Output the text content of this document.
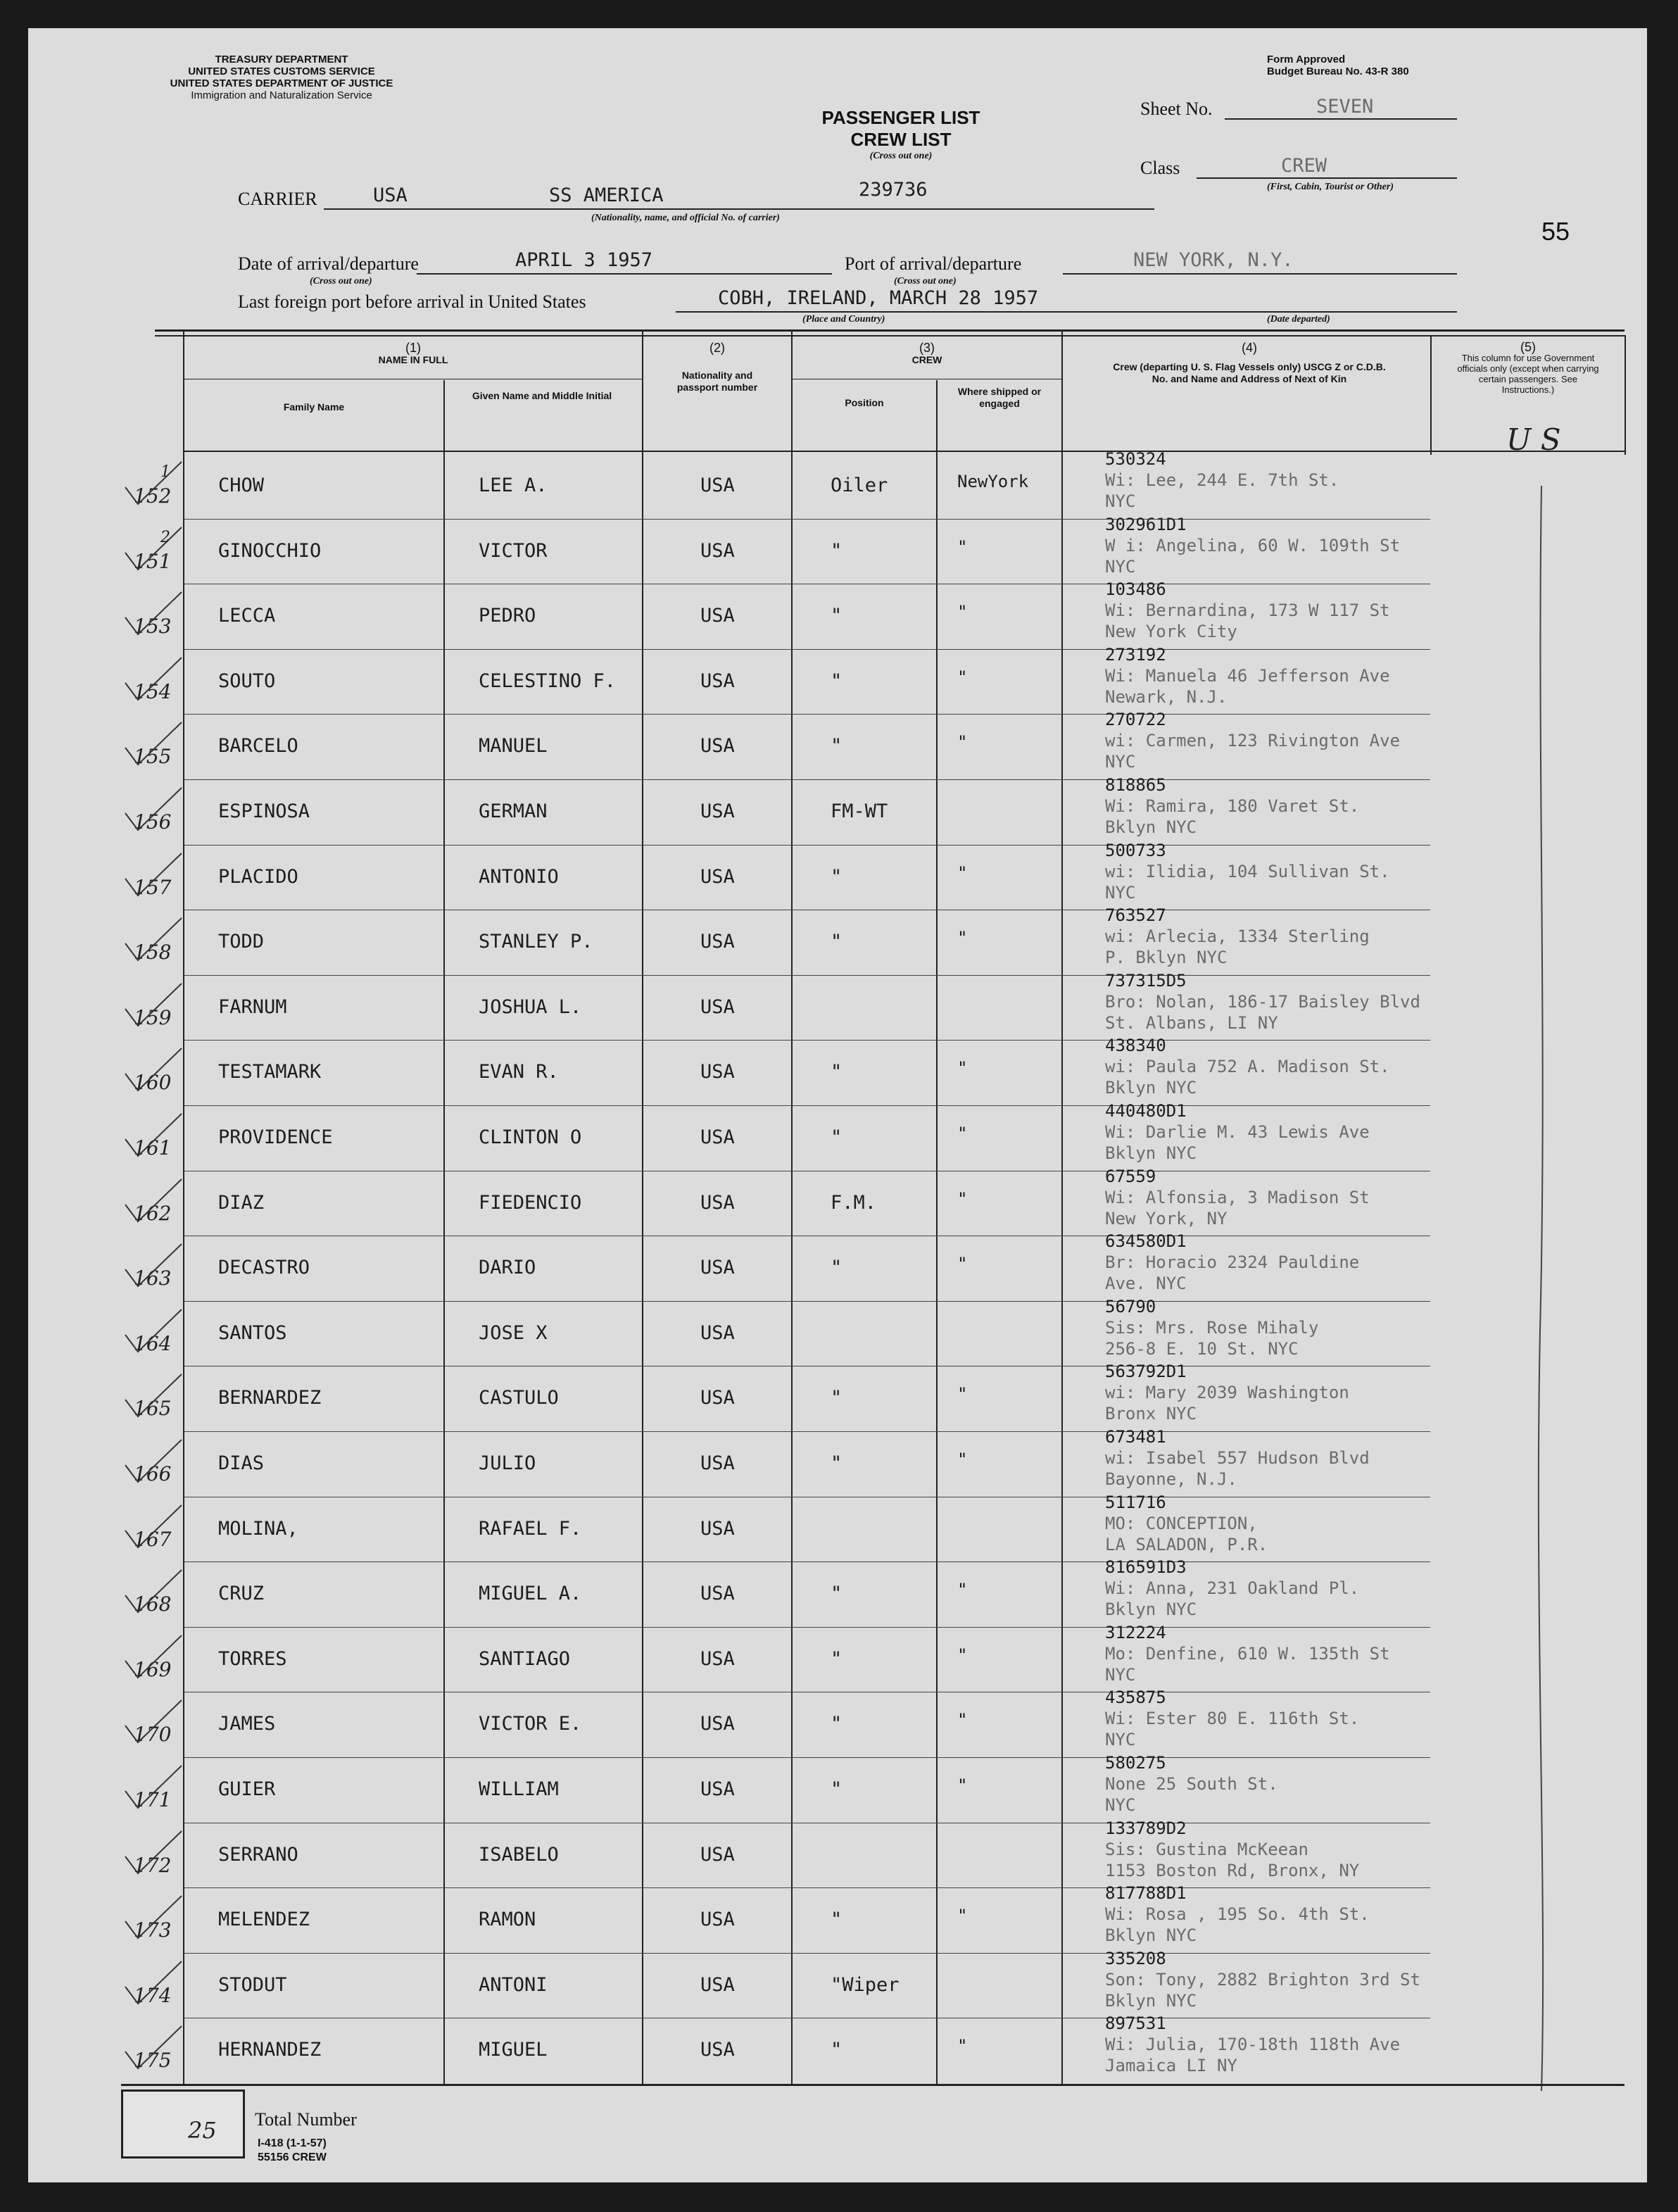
TREASURY DEPARTMENT
UNITED STATES CUSTOMS SERVICE
UNITED STATES DEPARTMENT OF JUSTICE
Immigration and Naturalization Service
Form Approved
Budget Bureau No. 43-R 380
PASSENGER LIST
CREW LIST
(Cross out one)
Sheet No.	SEVEN
Class	CREW
(First, Cabin, Tourist or Other)
55
CARRIER	USA	SS AMERICA	239736
(Nationality, name, and official No. of carrier)
Date of arrival/departure
(Cross out one)
APRIL 3 1957	Port of arrival/departure
(Cross out one)
NEW YORK, N.Y.
Last foreign port before arrival in United States	COBH, IRELAND, MARCH 28 1957
(Place and Country)	(Date departed)
(1)
NAME IN FULL
Family Name
Given Name and Middle Initial
(2)
Nationality and passport number
(3)
CREW
Position
Where shipped or engaged
(4)
Crew (departing U. S. Flag Vessels only) USCG Z or C.D.B. No. and Name and Address of Next of Kin
(5)
This column for use Government officials only (except when carrying certain passengers. See Instructions.)
U S
152 CHOW	LEE A.	USA	Oiler	NewYork
530324
Wi: Lee, 244 E. 7th St.
NYC
151 GINOCCHIO	VICTOR	USA	"	"
302961D1
W i: Angelina, 60 W. 109th St
NYC
153 LECCA	PEDRO	USA	"	"
103486
Wi: Bernardina, 173 W 117 St
New York City
154 SOUTO	CELESTINO F.	USA	"	"
273192
Wi: Manuela 46 Jefferson Ave
Newark, N.J.
155 BARCELO	MANUEL	USA	"	"
270722
wi: Carmen, 123 Rivington Ave
NYC
156 ESPINOSA	GERMAN	USA	FM-WT
818865
Wi: Ramira, 180 Varet St.
Bklyn NYC
157 PLACIDO	ANTONIO	USA	"	"
500733
wi: Ilidia, 104 Sullivan St.
NYC
158 TODD	STANLEY P.	USA	"	"
763527
wi: Arlecia, 1334 Sterling
P. Bklyn NYC
159 FARNUM	JOSHUA L.	USA
737315D5
Bro: Nolan, 186-17 Baisley Blvd
St. Albans, LI NY
160 TESTAMARK	EVAN R.	USA	"	"
438340
wi: Paula 752 A. Madison St.
Bklyn NYC
161 PROVIDENCE	CLINTON O	USA	"	"
440480D1
Wi: Darlie M. 43 Lewis Ave
Bklyn NYC
162 DIAZ	FIEDENCIO	USA	F.M.	"
67559
Wi: Alfonsia, 3 Madison St
New York, NY
163 DECASTRO	DARIO	USA	"	"
634580D1
Br: Horacio 2324 Pauldine
Ave. NYC
164 SANTOS	JOSE X	USA
56790
Sis: Mrs. Rose Mihaly
256-8 E. 10 St. NYC
165 BERNARDEZ	CASTULO	USA	"	"
563792D1
wi: Mary 2039 Washington
Bronx NYC
166 DIAS	JULIO	USA	"	"
673481
wi: Isabel 557 Hudson Blvd
Bayonne, N.J.
167 MOLINA,	RAFAEL F.	USA
511716
MO: CONCEPTION,
LA SALADON, P.R.
168 CRUZ	MIGUEL A.	USA	"	"
816591D3
Wi: Anna, 231 Oakland Pl.
Bklyn NYC
169 TORRES	SANTIAGO	USA	"	"
312224
Mo: Denfine, 610 W. 135th St
NYC
170 JAMES	VICTOR E.	USA	"	"
435875
Wi: Ester 80 E. 116th St.
NYC
171 GUIER	WILLIAM	USA	"	"
580275
None 25 South St.
NYC
172 SERRANO	ISABELO	USA
133789D2
Sis: Gustina McKeean
1153 Boston Rd, Bronx, NY
173 MELENDEZ	RAMON	USA	"	"
817788D1
Wi: Rosa , 195 So. 4th St.
Bklyn NYC
174 STODUT	ANTONI	USA	"Wiper
335208
Son: Tony, 2882 Brighton 3rd St
Bklyn NYC
175 HERNANDEZ	MIGUEL	USA	"	"
897531
Wi: Julia, 170-18th 118th Ave
Jamaica LI NY
1
2
25 Total Number
I-418 (1-1-57)
55156 CREW
